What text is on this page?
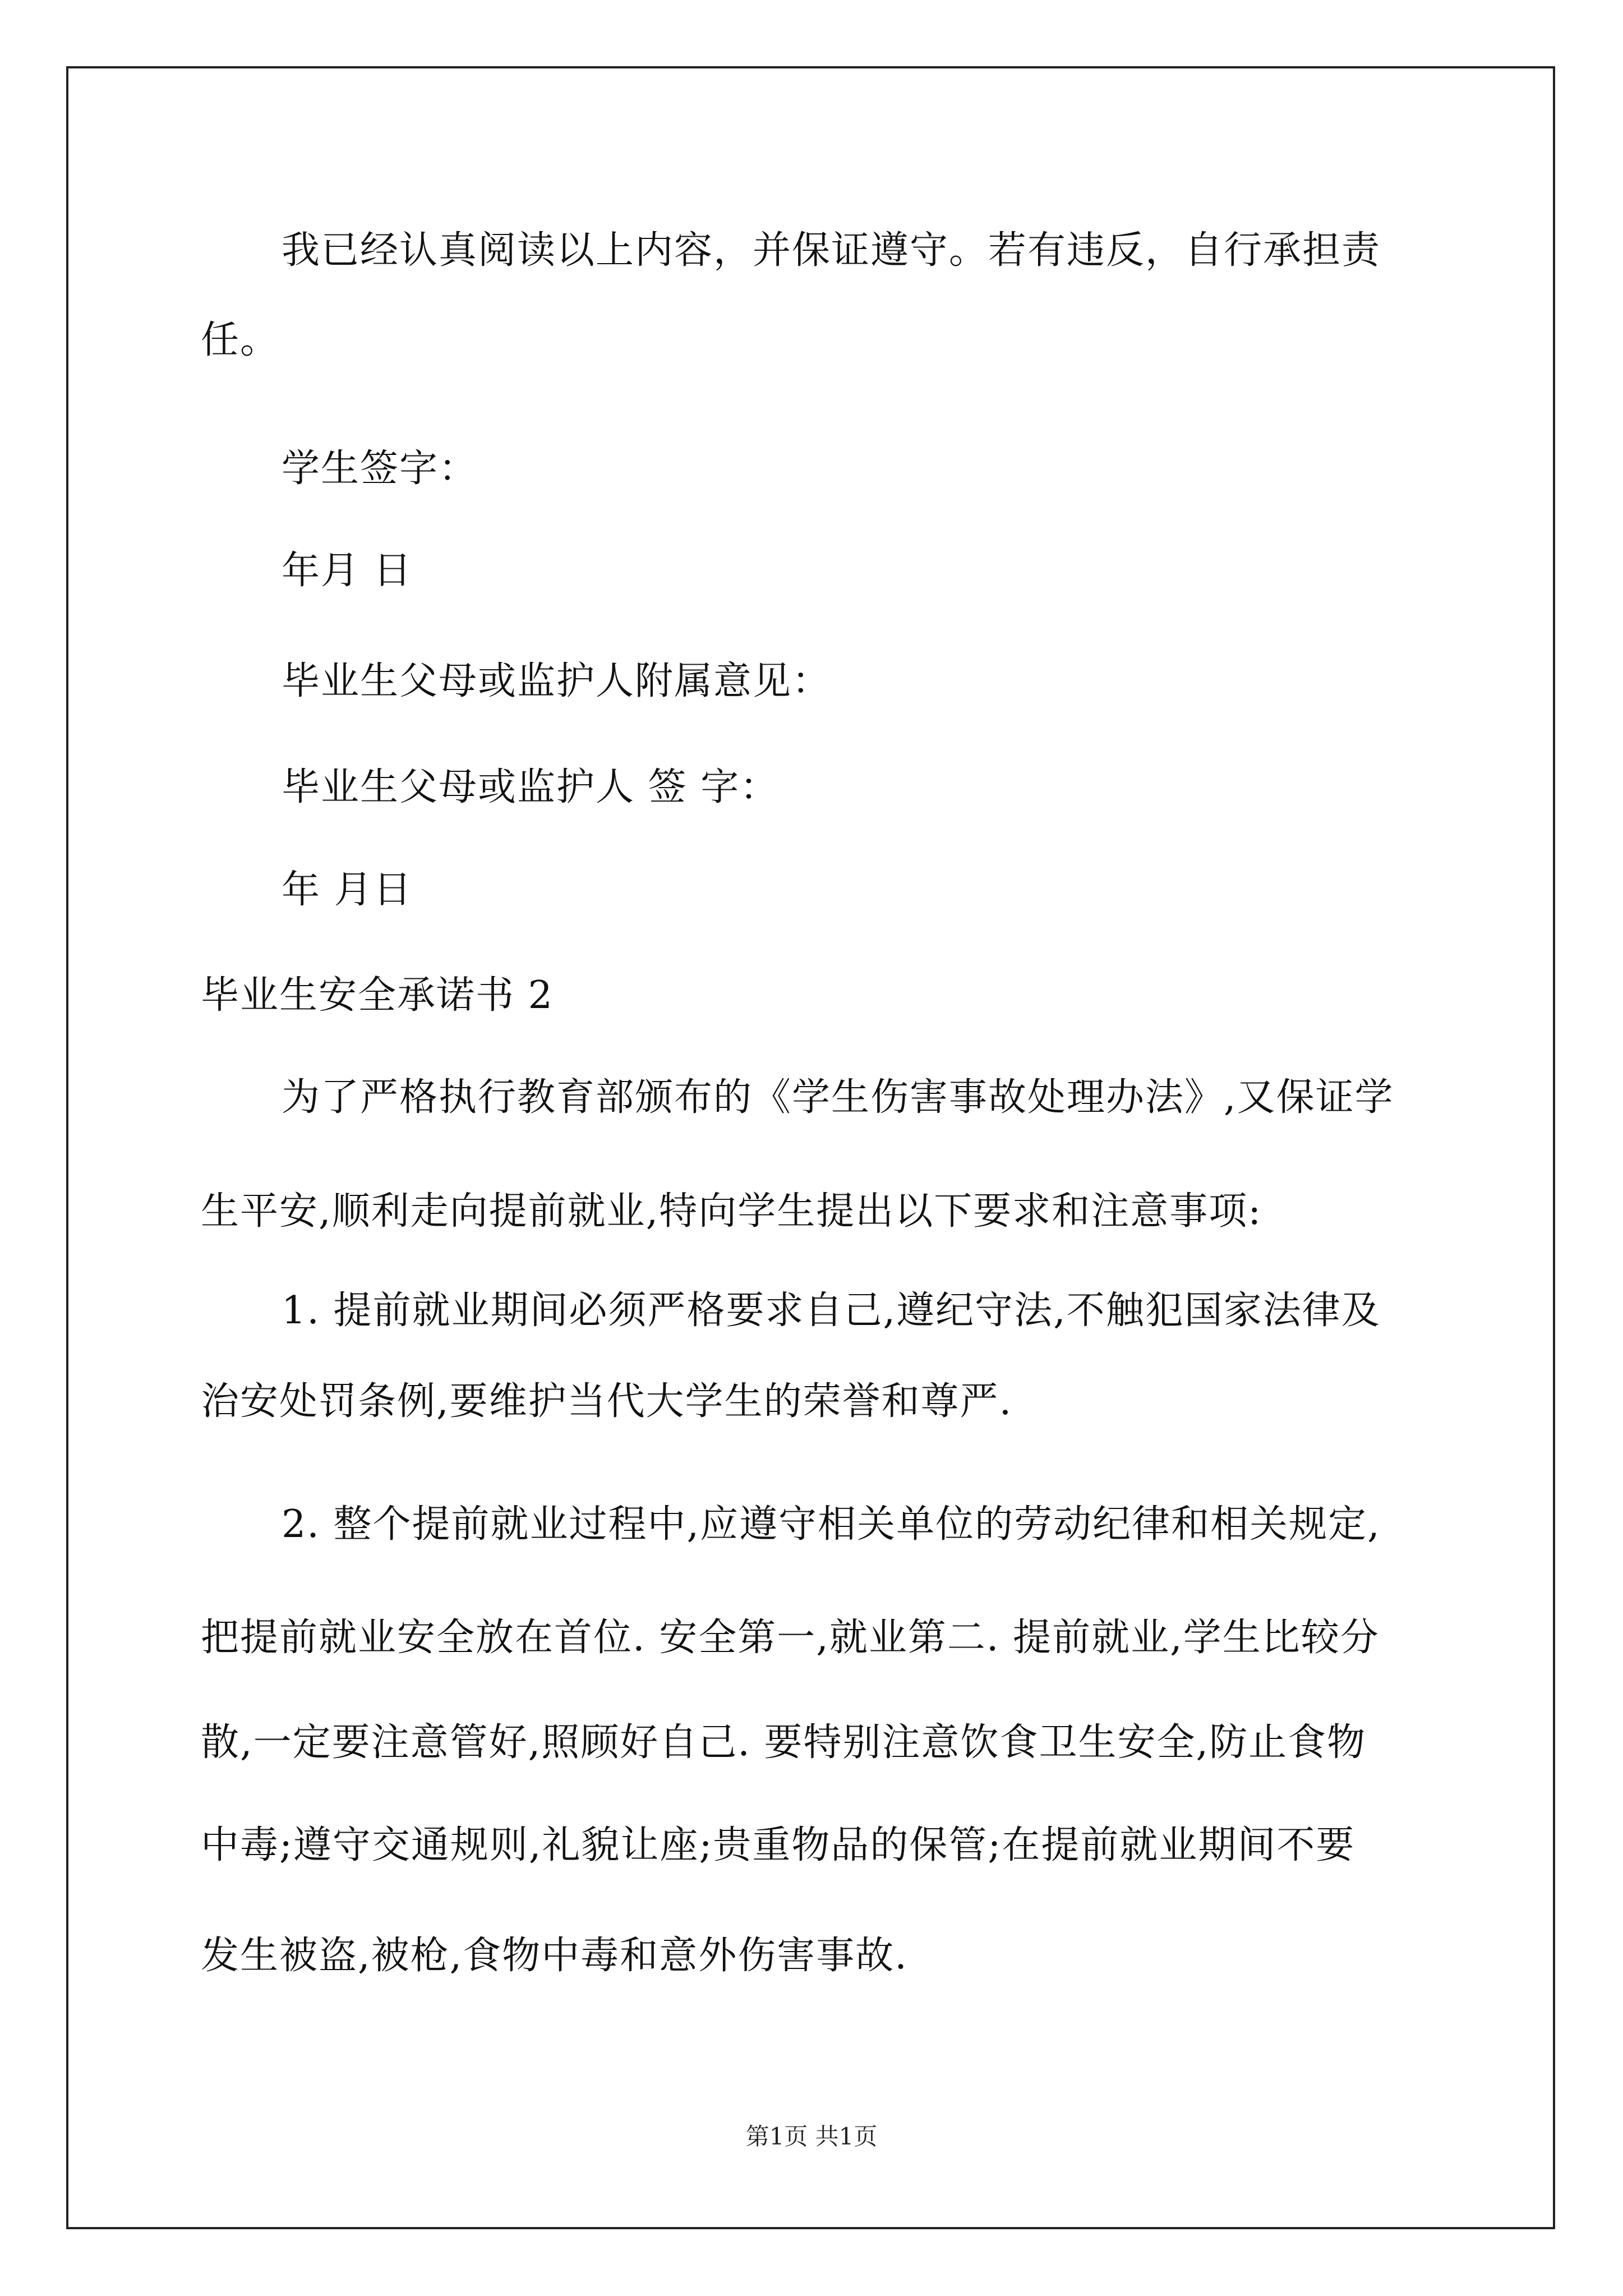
我已经认真阅读以上内容，并保证遵守。若有违反，自行承担责
任。
学生签字：
年月 日
毕业生父母或监护人附属意见：
毕业生父母或监护人 签 字：
年 月日
毕业生安全承诺书 2
为了严格执行教育部颁布的《学生伤害事故处理办法》,又保证学
生平安,顺利走向提前就业,特向学生提出以下要求和注意事项:
1. 提前就业期间必须严格要求自己,遵纪守法,不触犯国家法律及
治安处罚条例,要维护当代大学生的荣誉和尊严.
2. 整个提前就业过程中,应遵守相关单位的劳动纪律和相关规定,
把提前就业安全放在首位. 安全第一,就业第二. 提前就业,学生比较分
散,一定要注意管好,照顾好自己. 要特别注意饮食卫生安全,防止食物
中毒;遵守交通规则,礼貌让座;贵重物品的保管;在提前就业期间不要
发生被盗,被枪,食物中毒和意外伤害事故.
第1页 共1页
